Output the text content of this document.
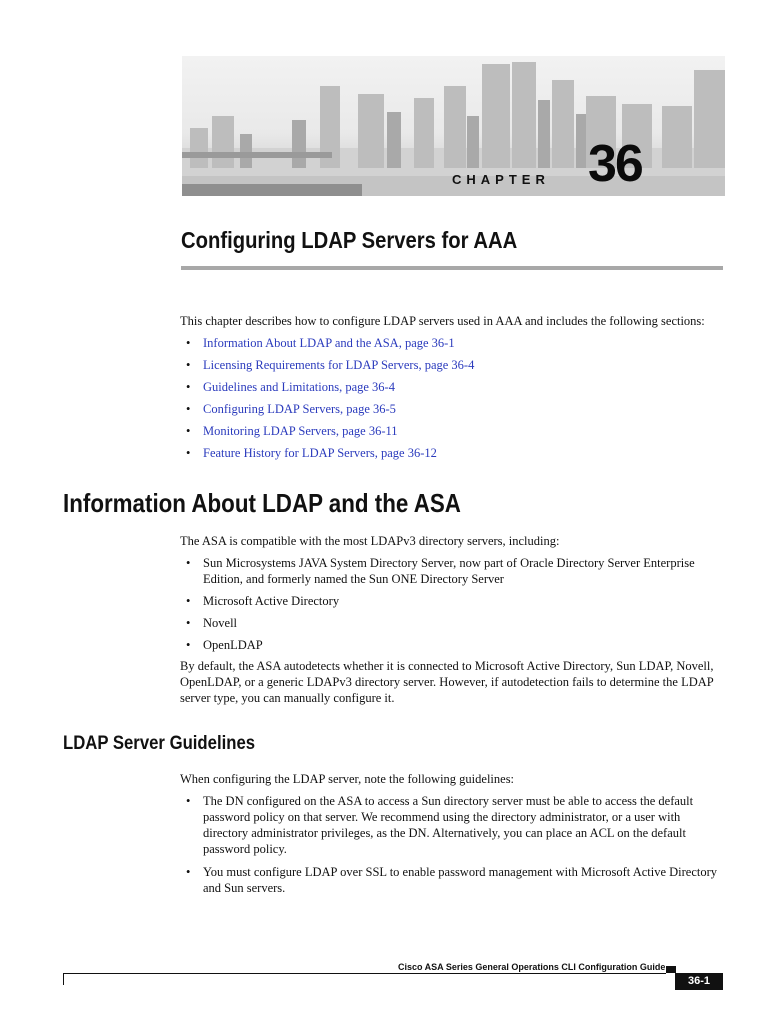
CHAPTER 36
Configuring LDAP Servers for AAA

This chapter describes how to configure LDAP servers used in AAA and includes the following sections:

• Information About LDAP and the ASA, page 36-1
• Licensing Requirements for LDAP Servers, page 36-4
• Guidelines and Limitations, page 36-4
• Configuring LDAP Servers, page 36-5
• Monitoring LDAP Servers, page 36-11
• Feature History for LDAP Servers, page 36-12
Information About LDAP and the ASA

The ASA is compatible with the most LDAPv3 directory servers, including:

• Sun Microsystems JAVA System Directory Server, now part of Oracle Directory Server Enterprise Edition, and formerly named the Sun ONE Directory Server
• Microsoft Active Directory
• Novell
• OpenLDAP

By default, the ASA autodetects whether it is connected to Microsoft Active Directory, Sun LDAP, Novell, OpenLDAP, or a generic LDAPv3 directory server. However, if autodetection fails to determine the LDAP server type, you can manually configure it.

LDAP Server Guidelines

When configuring the LDAP server, note the following guidelines:

• The DN configured on the ASA to access a Sun directory server must be able to access the default password policy on that server. We recommend using the directory administrator, or a user with directory administrator privileges, as the DN. Alternatively, you can place an ACL on the default password policy.
• You must configure LDAP over SSL to enable password management with Microsoft Active Directory and Sun servers.
Cisco ASA Series General Operations CLI Configuration Guide
36-1
